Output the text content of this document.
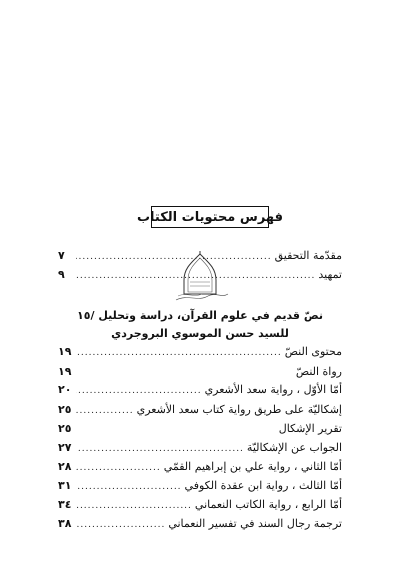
فهرس محتويات الكتاب
مقدّمة التحقيق
.....
٧
تمهيد
.....
٩
نصّ قديم في علوم القرآن، دراسة وتحليل /١٥
للسيد حسن الموسوي البروجردي
محتوى النصّ
.....
١٩
رواة النصّ
١٩
أمّا الأوّل ، رواية سعد الأشعري
.....
٢٠
إشكاليّة على طريق رواية كتاب سعد الأشعري
.....
٢٥
تقرير الإشكال
٢٥
الجواب عن الإشكاليّة
.....
٢٧
أمّا الثاني ، رواية علي بن إبراهيم القمّي
.....
٢٨
أمّا الثالث ، رواية ابن عقدة الكوفي
.....
٣١
أمّا الرابع ، رواية الكاتب النعماني
.....
٣٤
ترجمة رجال السند في تفسير النعماني
.....
٣٨
